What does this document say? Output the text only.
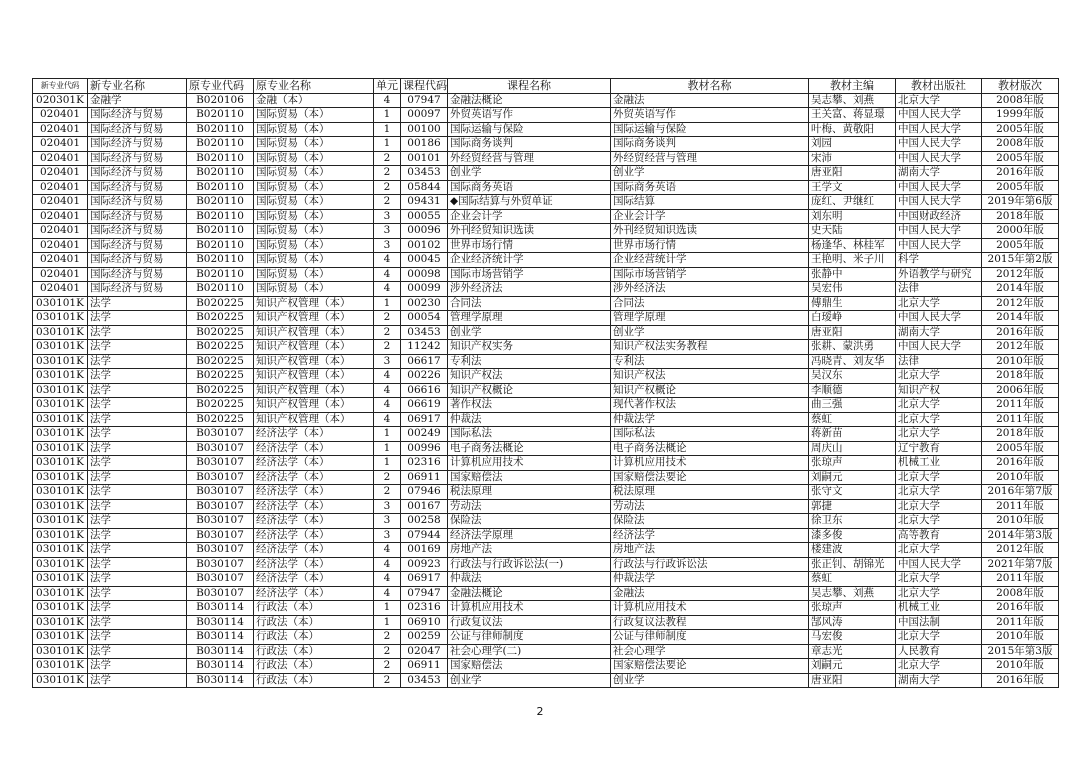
新专业代码	新专业名称	原专业代码	原专业名称	单元	课程代码	课程名称	教材名称	教材主编	教材出版社	教材版次
020301K	金融学	B020106	金融（本）	4	07947	金融法概论	金融法	吴志攀、刘燕	北京大学	2008年版
020401	国际经济与贸易	B020110	国际贸易（本）	1	00097	外贸英语写作	外贸英语写作	王关富、蒋显璟	中国人民大学	1999年版
020401	国际经济与贸易	B020110	国际贸易（本）	1	00100	国际运输与保险	国际运输与保险	叶梅、黄敬阳	中国人民大学	2005年版
020401	国际经济与贸易	B020110	国际贸易（本）	1	00186	国际商务谈判	国际商务谈判	刘园	中国人民大学	2008年版
020401	国际经济与贸易	B020110	国际贸易（本）	2	00101	外经贸经营与管理	外经贸经营与管理	宋沛	中国人民大学	2005年版
020401	国际经济与贸易	B020110	国际贸易（本）	2	03453	创业学	创业学	唐亚阳	湖南大学	2016年版
020401	国际经济与贸易	B020110	国际贸易（本）	2	05844	国际商务英语	国际商务英语	王学文	中国人民大学	2005年版
020401	国际经济与贸易	B020110	国际贸易（本）	2	09431	◆国际结算与外贸单证	国际结算	庞红、尹继红	中国人民大学	2019年第6版
020401	国际经济与贸易	B020110	国际贸易（本）	3	00055	企业会计学	企业会计学	刘东明	中国财政经济	2018年版
020401	国际经济与贸易	B020110	国际贸易（本）	3	00096	外刊经贸知识选读	外刊经贸知识选读	史天陆	中国人民大学	2000年版
020401	国际经济与贸易	B020110	国际贸易（本）	3	00102	世界市场行情	世界市场行情	杨逢华、林桂军	中国人民大学	2005年版
020401	国际经济与贸易	B020110	国际贸易（本）	4	00045	企业经济统计学	企业经营统计学	王艳明、米子川	科学	2015年第2版
020401	国际经济与贸易	B020110	国际贸易（本）	4	00098	国际市场营销学	国际市场营销学	张静中	外语教学与研究	2012年版
020401	国际经济与贸易	B020110	国际贸易（本）	4	00099	涉外经济法	涉外经济法	吴宏伟	法律	2014年版
030101K	法学	B020225	知识产权管理（本）	1	00230	合同法	合同法	傅鼎生	北京大学	2012年版
030101K	法学	B020225	知识产权管理（本）	2	00054	管理学原理	管理学原理	白瑷峥	中国人民大学	2014年版
030101K	法学	B020225	知识产权管理（本）	2	03453	创业学	创业学	唐亚阳	湖南大学	2016年版
030101K	法学	B020225	知识产权管理（本）	2	11242	知识产权实务	知识产权法实务教程	张耕、蒙洪勇	中国人民大学	2012年版
030101K	法学	B020225	知识产权管理（本）	3	06617	专利法	专利法	冯晓青、刘友华	法律	2010年版
030101K	法学	B020225	知识产权管理（本）	4	00226	知识产权法	知识产权法	吴汉东	北京大学	2018年版
030101K	法学	B020225	知识产权管理（本）	4	06616	知识产权概论	知识产权概论	李顺德	知识产权	2006年版
030101K	法学	B020225	知识产权管理（本）	4	06619	著作权法	现代著作权法	曲三强	北京大学	2011年版
030101K	法学	B020225	知识产权管理（本）	4	06917	仲裁法	仲裁法学	蔡虹	北京大学	2011年版
030101K	法学	B030107	经济法学（本）	1	00249	国际私法	国际私法	蒋新苗	北京大学	2018年版
030101K	法学	B030107	经济法学（本）	1	00996	电子商务法概论	电子商务法概论	周庆山	辽宁教育	2005年版
030101K	法学	B030107	经济法学（本）	1	02316	计算机应用技术	计算机应用技术	张琼声	机械工业	2016年版
030101K	法学	B030107	经济法学（本）	2	06911	国家赔偿法	国家赔偿法要论	刘嗣元	北京大学	2010年版
030101K	法学	B030107	经济法学（本）	2	07946	税法原理	税法原理	张守文	北京大学	2016年第7版
030101K	法学	B030107	经济法学（本）	3	00167	劳动法	劳动法	郭捷	北京大学	2011年版
030101K	法学	B030107	经济法学（本）	3	00258	保险法	保险法	徐卫东	北京大学	2010年版
030101K	法学	B030107	经济法学（本）	3	07944	经济法学原理	经济法学	漆多俊	高等教育	2014年第3版
030101K	法学	B030107	经济法学（本）	4	00169	房地产法	房地产法	楼建波	北京大学	2012年版
030101K	法学	B030107	经济法学（本）	4	00923	行政法与行政诉讼法(一)	行政法与行政诉讼法	张正钊、胡锦光	中国人民大学	2021年第7版
030101K	法学	B030107	经济法学（本）	4	06917	仲裁法	仲裁法学	蔡虹	北京大学	2011年版
030101K	法学	B030107	经济法学（本）	4	07947	金融法概论	金融法	吴志攀、刘燕	北京大学	2008年版
030101K	法学	B030114	行政法（本）	1	02316	计算机应用技术	计算机应用技术	张琼声	机械工业	2016年版
030101K	法学	B030114	行政法（本）	1	06910	行政复议法	行政复议法教程	郜风涛	中国法制	2011年版
030101K	法学	B030114	行政法（本）	2	00259	公证与律师制度	公证与律师制度	马宏俊	北京大学	2010年版
030101K	法学	B030114	行政法（本）	2	02047	社会心理学(二)	社会心理学	章志光	人民教育	2015年第3版
030101K	法学	B030114	行政法（本）	2	06911	国家赔偿法	国家赔偿法要论	刘嗣元	北京大学	2010年版
030101K	法学	B030114	行政法（本）	2	03453	创业学	创业学	唐亚阳	湖南大学	2016年版
2
